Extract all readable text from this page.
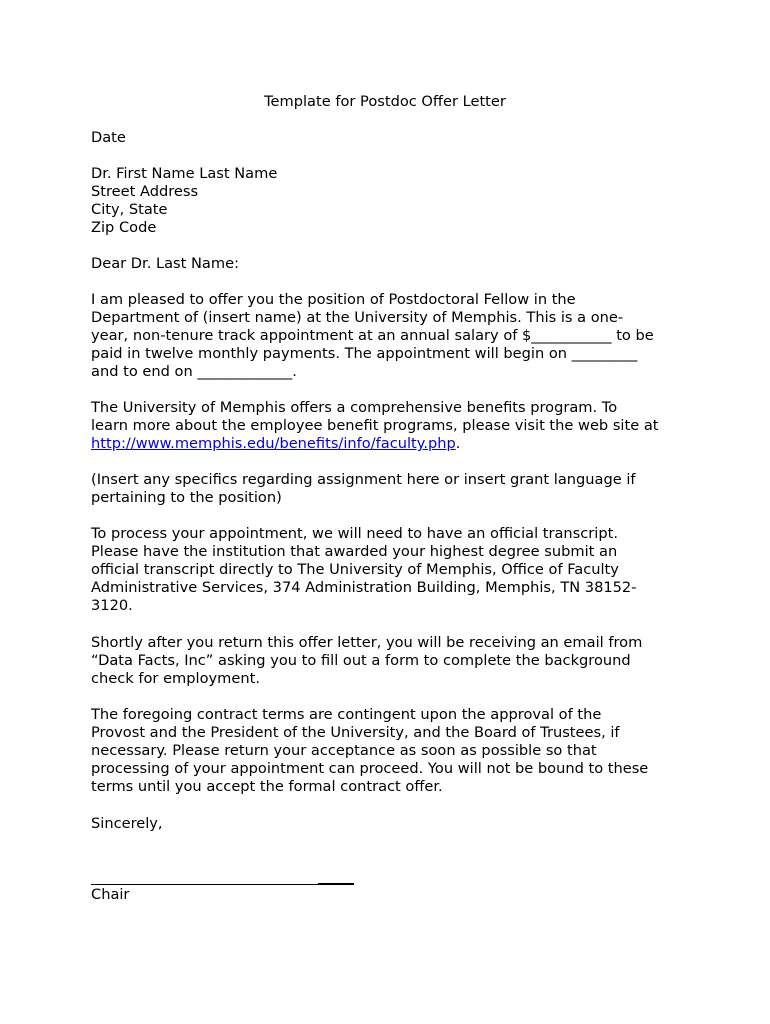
Template for Postdoc Offer Letter
Date
Dr. First Name Last Name
Street Address
City, State
Zip Code
Dear Dr. Last Name:
I am pleased to offer you the position of Postdoctoral Fellow in the
Department of (insert name) at the University of Memphis. This is a one-
year, non-tenure track appointment at an annual salary of $___________ to be
paid in twelve monthly payments. The appointment will begin on _________
and to end on _____________.
The University of Memphis offers a comprehensive benefits program. To
learn more about the employee benefit programs, please visit the web site at
http://www.memphis.edu/benefits/info/faculty.php.
(Insert any specifics regarding assignment here or insert grant language if
pertaining to the position)
To process your appointment, we will need to have an official transcript.
Please have the institution that awarded your highest degree submit an
official transcript directly to The University of Memphis, Office of Faculty
Administrative Services, 374 Administration Building, Memphis, TN 38152-
3120.
Shortly after you return this offer letter, you will be receiving an email from
“Data Facts, Inc” asking you to fill out a form to complete the background
check for employment.
The foregoing contract terms are contingent upon the approval of the
Provost and the President of the University, and the Board of Trustees, if
necessary. Please return your acceptance as soon as possible so that
processing of your appointment can proceed. You will not be bound to these
terms until you accept the formal contract offer.
Sincerely,
Chair
